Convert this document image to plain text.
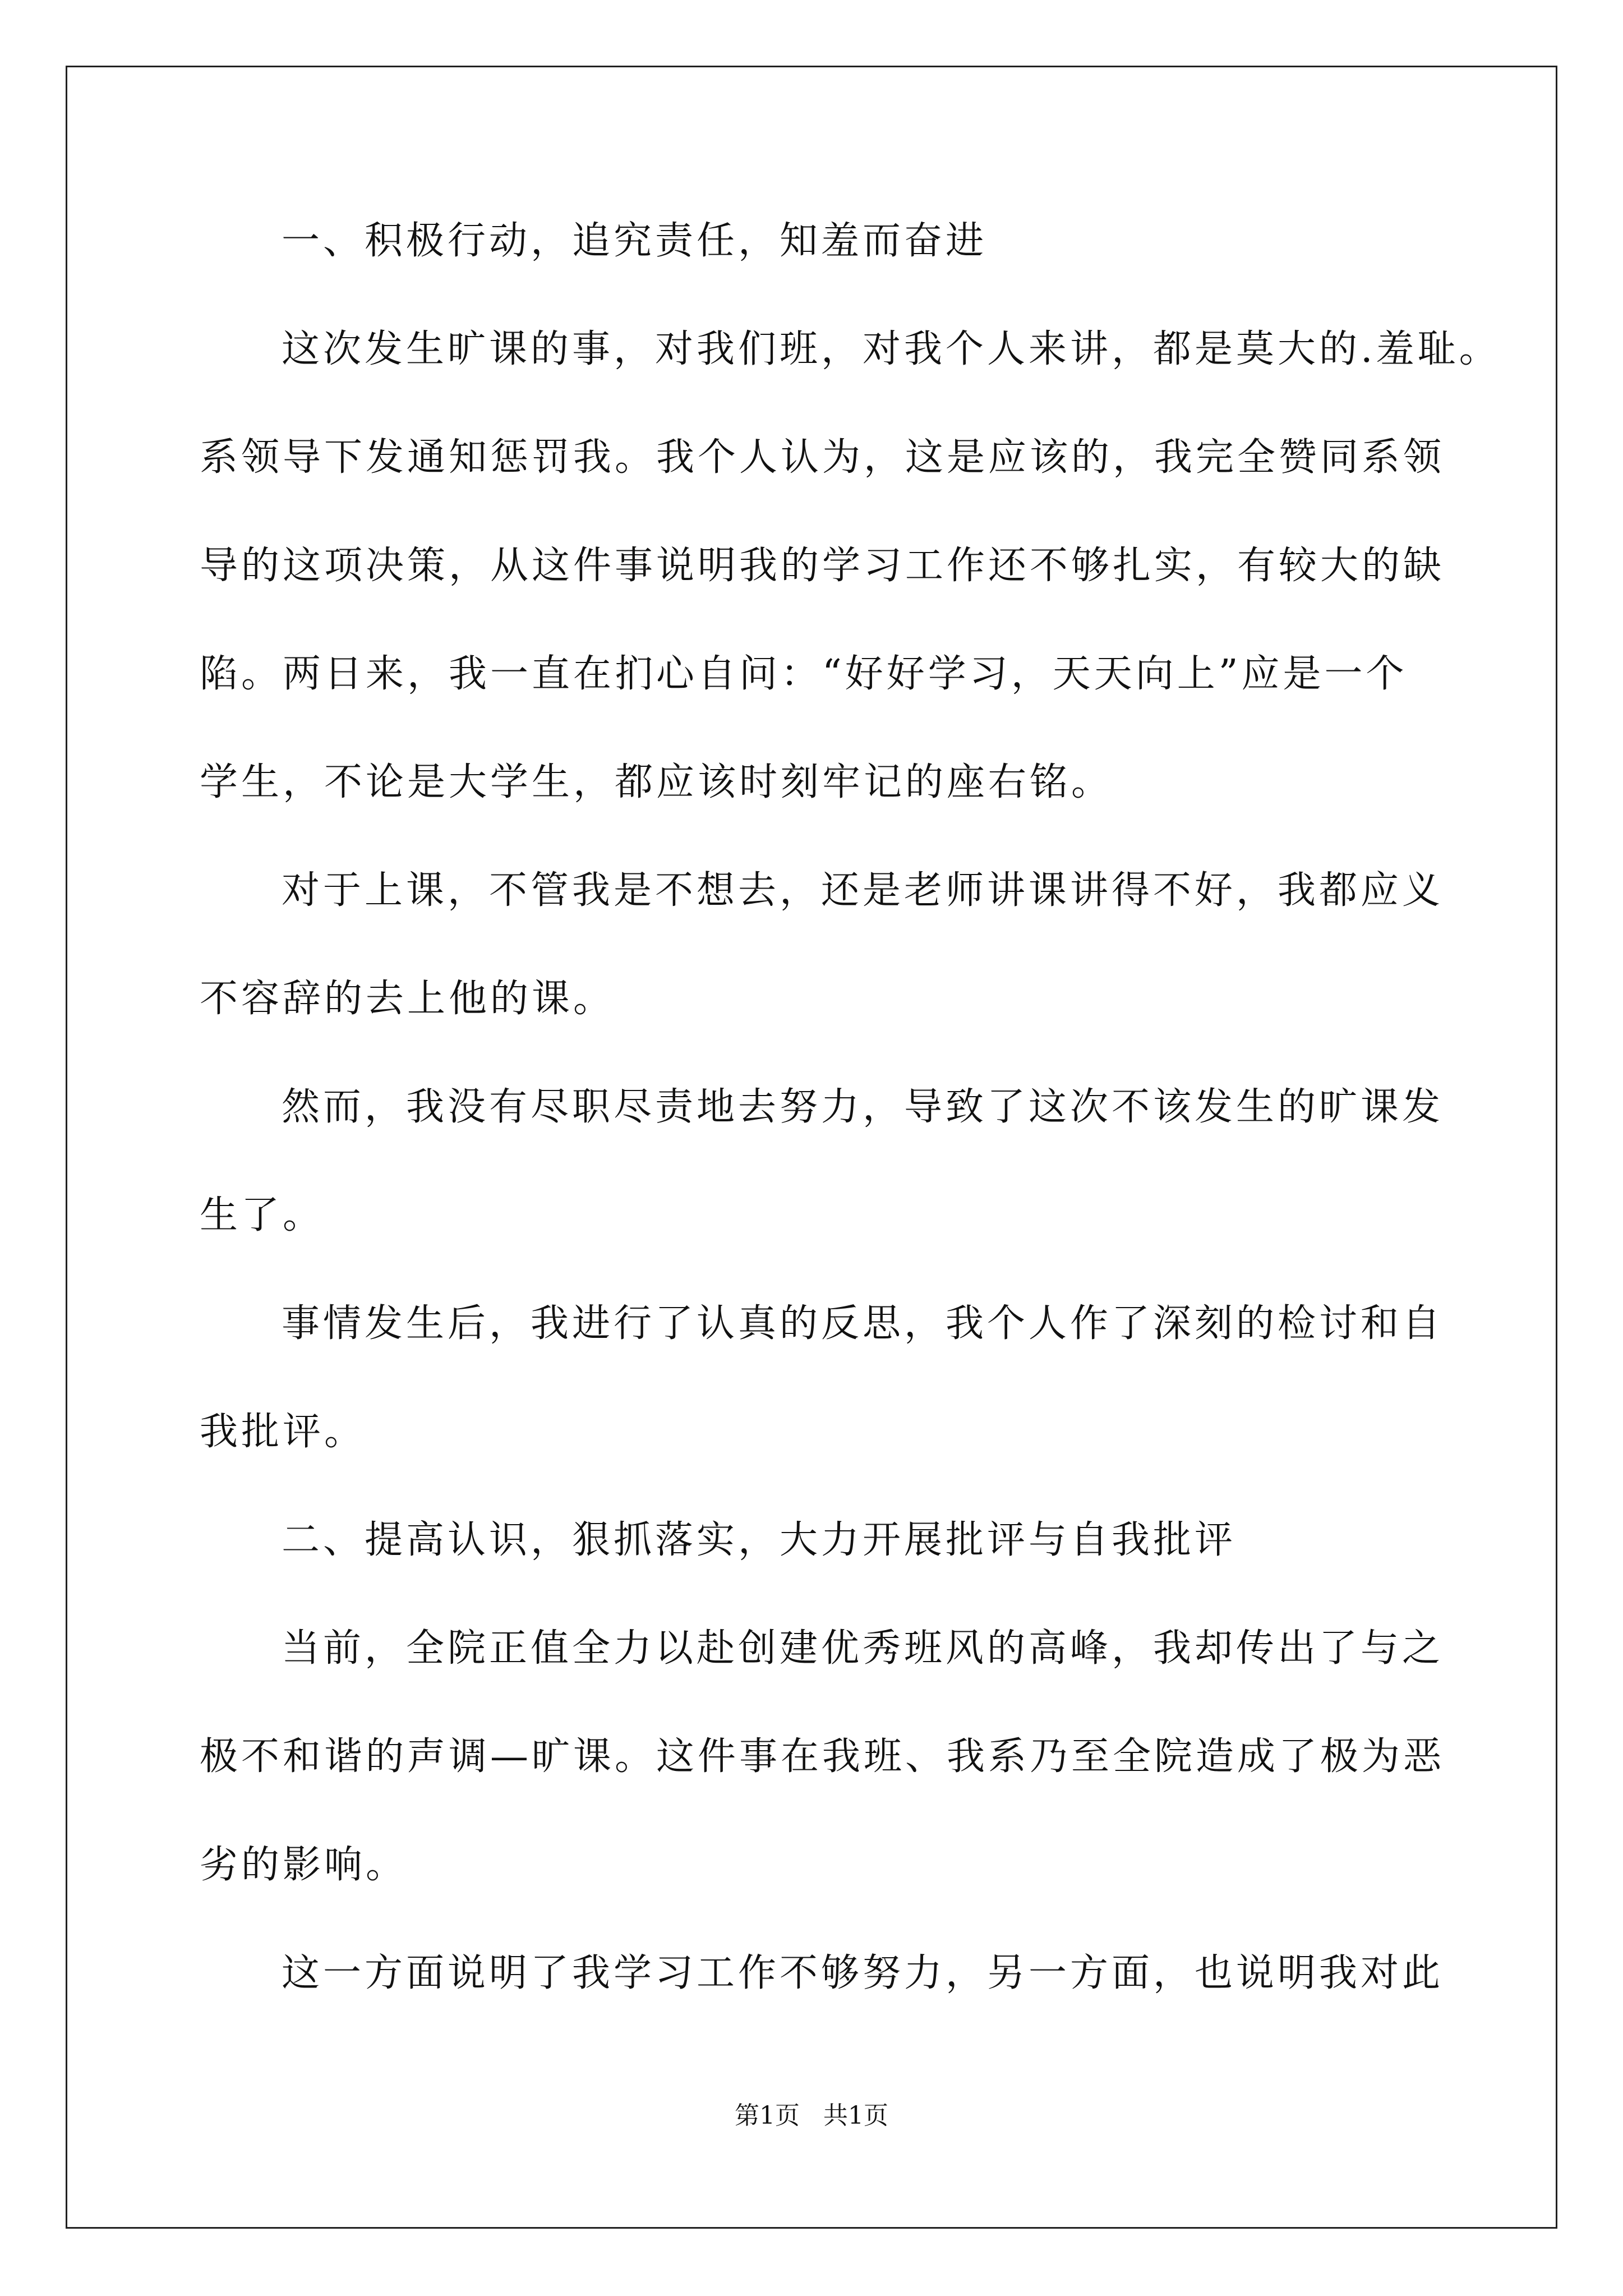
一、积极行动，追究责任，知羞而奋进
这次发生旷课的事，对我们班，对我个人来讲，都是莫大的.羞耻。
系领导下发通知惩罚我。我个人认为，这是应该的，我完全赞同系领
导的这项决策，从这件事说明我的学习工作还不够扎实，有较大的缺
陷。两日来，我一直在扪心自问：“好好学习，天天向上”应是一个
学生，不论是大学生，都应该时刻牢记的座右铭。
对于上课，不管我是不想去，还是老师讲课讲得不好，我都应义
不容辞的去上他的课。
然而，我没有尽职尽责地去努力，导致了这次不该发生的旷课发
生了。
事情发生后，我进行了认真的反思，我个人作了深刻的检讨和自
我批评。
二、提高认识，狠抓落实，大力开展批评与自我批评
当前，全院正值全力以赴创建优秀班风的高峰，我却传出了与之
极不和谐的声调—旷课。这件事在我班、我系乃至全院造成了极为恶
劣的影响。
这一方面说明了我学习工作不够努力，另一方面，也说明我对此
第1页   共1页
